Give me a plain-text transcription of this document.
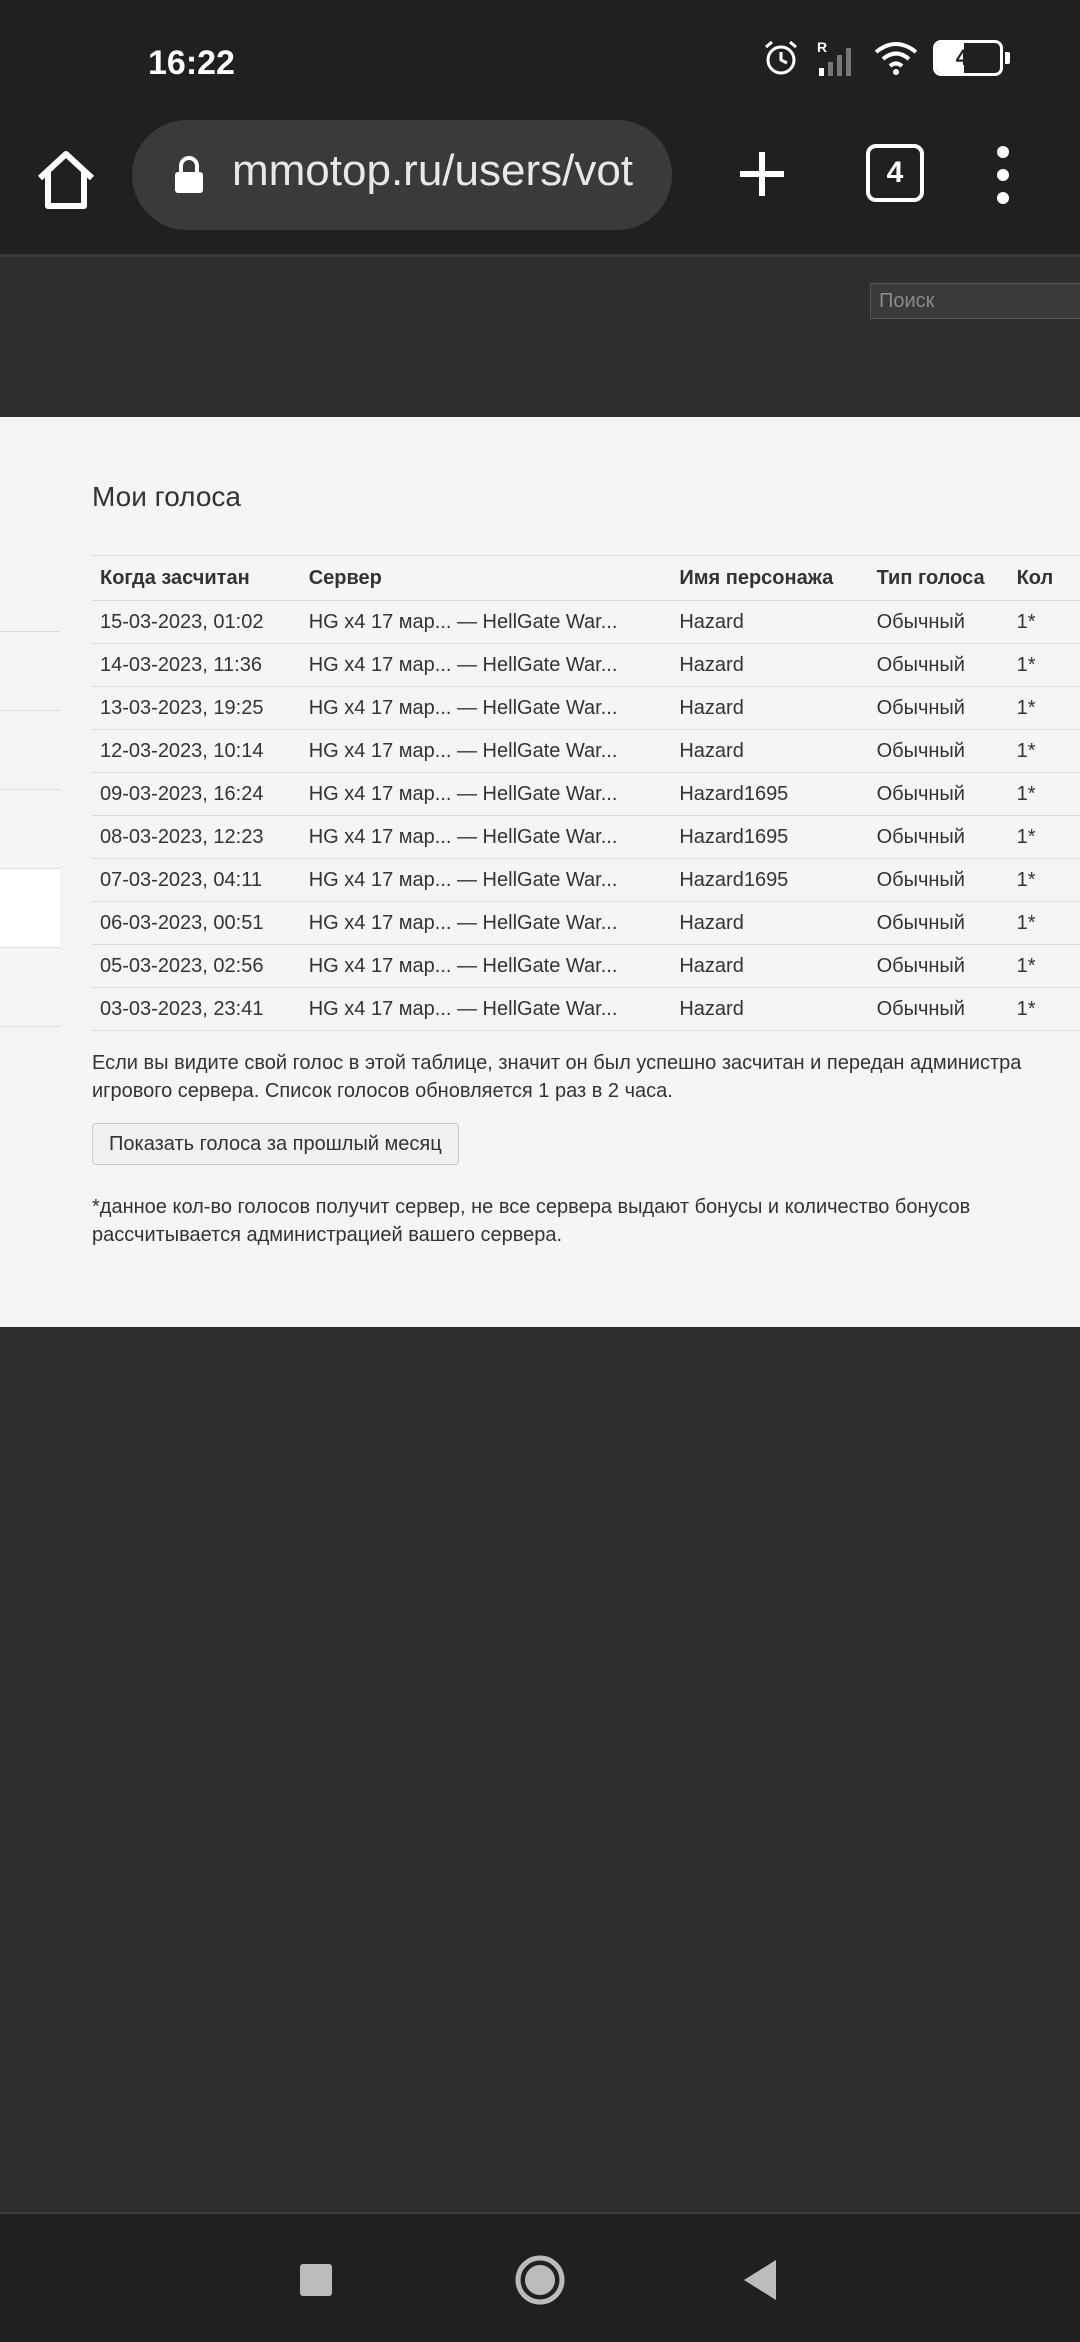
16:22	R	43
mmotop.ru/users/vot	4
Поиск
Мои голоса
Когда засчитан	Сервер	Имя персонажа	Тип голоса	Кол
15-03-2023, 01:02	HG x4 17 мар... — HellGate War...	Hazard	Обычный	1*
14-03-2023, 11:36	HG x4 17 мар... — HellGate War...	Hazard	Обычный	1*
13-03-2023, 19:25	HG x4 17 мар... — HellGate War...	Hazard	Обычный	1*
12-03-2023, 10:14	HG x4 17 мар... — HellGate War...	Hazard	Обычный	1*
09-03-2023, 16:24	HG x4 17 мар... — HellGate War...	Hazard1695	Обычный	1*
08-03-2023, 12:23	HG x4 17 мар... — HellGate War...	Hazard1695	Обычный	1*
07-03-2023, 04:11	HG x4 17 мар... — HellGate War...	Hazard1695	Обычный	1*
06-03-2023, 00:51	HG x4 17 мар... — HellGate War...	Hazard	Обычный	1*
05-03-2023, 02:56	HG x4 17 мар... — HellGate War...	Hazard	Обычный	1*
03-03-2023, 23:41	HG x4 17 мар... — HellGate War...	Hazard	Обычный	1*
Если вы видите свой голос в этой таблице, значит он был успешно засчитан и передан администра
игрового сервера. Список голосов обновляется 1 раз в 2 часа.
Показать голоса за прошлый месяц
*данное кол-во голосов получит сервер, не все сервера выдают бонусы и количество бонусов
рассчитывается администрацией вашего сервера.
